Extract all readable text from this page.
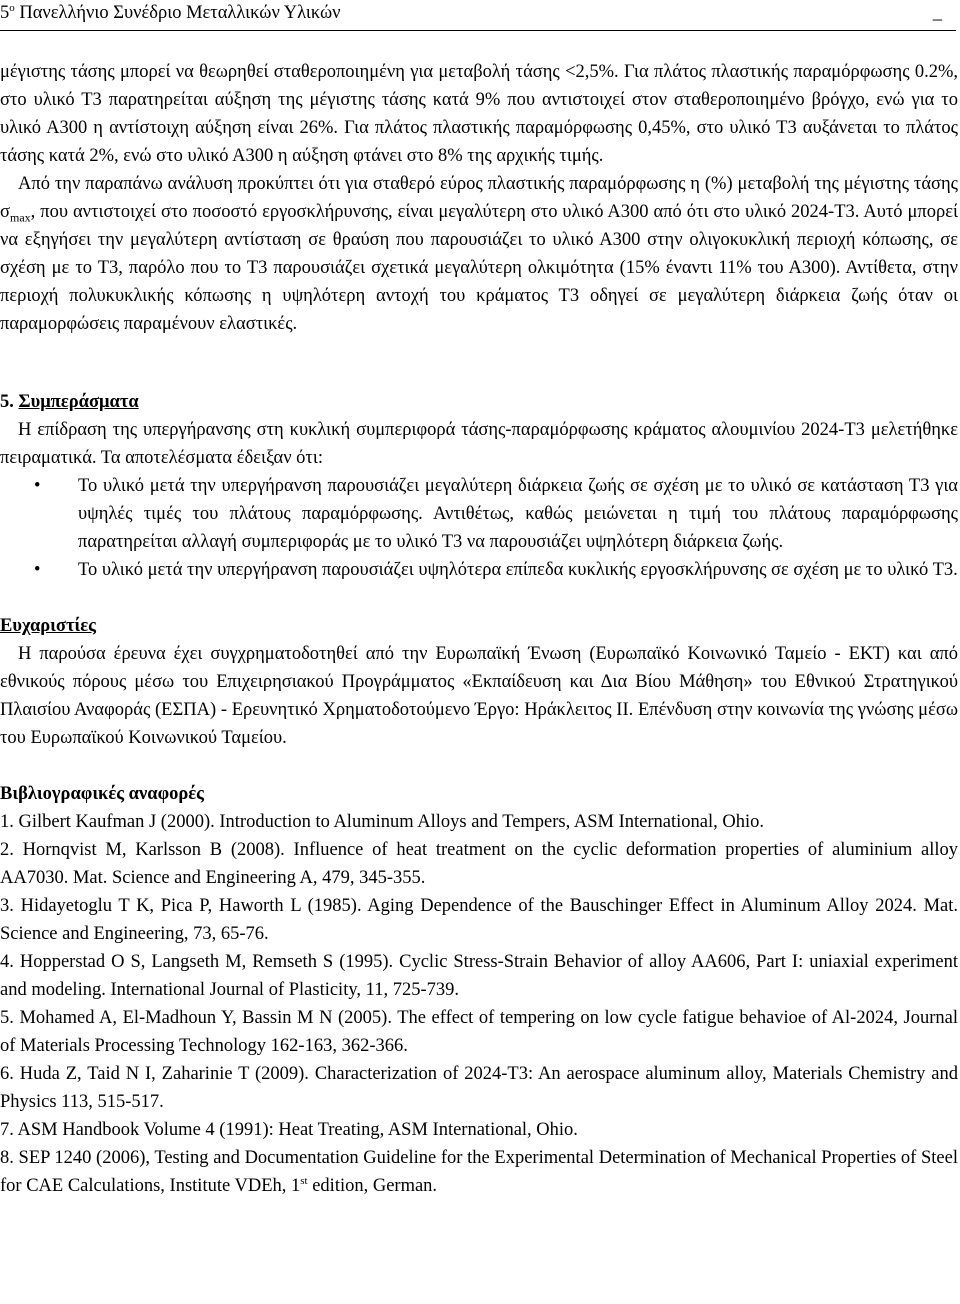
$5^o$ Πανελλήνιο Συνέδριο Μεταλλικών Υλικών	_

μέγιστης τάσης μπορεί να θεωρηθεί σταθεροποιημένη για μεταβολή τάσης <2,5%. Για πλάτος πλαστικής παραμόρφωσης 0.2%, στο υλικό Τ3 παρατηρείται αύξηση της μέγιστης τάσης κατά 9% που αντιστοιχεί στον σταθεροποιημένο βρόγχο, ενώ για το υλικό Α300 η αντίστοιχη αύξηση είναι 26%. Για πλάτος πλαστικής παραμόρφωσης 0,45%, στο υλικό Τ3 αυξάνεται το πλάτος τάσης κατά 2%, ενώ στο υλικό Α300 η αύξηση φτάνει στο 8% της αρχικής τιμής.

Από την παραπάνω ανάλυση προκύπτει ότι για σταθερό εύρος πλαστικής παραμόρφωσης η (%) μεταβολή της μέγιστης τάσης $\sigma_{max}$, που αντιστοιχεί στο ποσοστό εργοσκλήρυνσης, είναι μεγαλύτερη στο υλικό Α300 από ότι στο υλικό 2024-Τ3. Αυτό μπορεί να εξηγήσει την μεγαλύτερη αντίσταση σε θραύση που παρουσιάζει το υλικό Α300 στην ολιγοκυκλική περιοχή κόπωσης, σε σχέση με το Τ3, παρόλο που το Τ3 παρουσιάζει σχετικά μεγαλύτερη ολκιμότητα (15% έναντι 11% του Α300). Αντίθετα, στην περιοχή πολυκυκλικής κόπωσης η υψηλότερη αντοχή του κράματος Τ3 οδηγεί σε μεγαλύτερη διάρκεια ζωής όταν οι παραμορφώσεις παραμένουν ελαστικές.

5. Συμπεράσματα

Η επίδραση της υπεργήρανσης στη κυκλική συμπεριφορά τάσης-παραμόρφωσης κράματος αλουμινίου 2024-Τ3 μελετήθηκε πειραματικά. Τα αποτελέσματα έδειξαν ότι:

• Το υλικό μετά την υπεργήρανση παρουσιάζει μεγαλύτερη διάρκεια ζωής σε σχέση με το υλικό σε κατάσταση Τ3 για υψηλές τιμές του πλάτους παραμόρφωσης. Αντιθέτως, καθώς μειώνεται η τιμή του πλάτους παραμόρφωσης παρατηρείται αλλαγή συμπεριφοράς με το υλικό Τ3 να παρουσιάζει υψηλότερη διάρκεια ζωής.
• Το υλικό μετά την υπεργήρανση παρουσιάζει υψηλότερα επίπεδα κυκλικής εργοσκλήρυνσης σε σχέση με το υλικό Τ3.
Ευχαριστίες

Η παρούσα έρευνα έχει συγχρηματοδοτηθεί από την Ευρωπαϊκή Ένωση (Ευρωπαϊκό Κοινωνικό Ταμείο - ΕΚΤ) και από εθνικούς πόρους μέσω του Επιχειρησιακού Προγράμματος «Εκπαίδευση και Δια Βίου Μάθηση» του Εθνικού Στρατηγικού Πλαισίου Αναφοράς (ΕΣΠΑ) - Ερευνητικό Χρηματοδοτούμενο Έργο: Ηράκλειτος ΙΙ. Επένδυση στην κοινωνία της γνώσης μέσω του Ευρωπαϊκού Κοινωνικού Ταμείου.

Βιβλιογραφικές αναφορές

1. Gilbert Kaufman J (2000). Introduction to Aluminum Alloys and Tempers, ASM International, Ohio.

2. Hornqvist M, Karlsson B (2008). Influence of heat treatment on the cyclic deformation properties of aluminium alloy AA7030. Mat. Science and Engineering A, 479, 345-355.

3. Hidayetoglu T K, Pica P, Haworth L (1985). Aging Dependence of the Bauschinger Effect in Aluminum Alloy 2024. Mat. Science and Engineering, 73, 65-76.

4. Hopperstad O S, Langseth M, Remseth S (1995). Cyclic Stress-Strain Behavior of alloy AA606, Part I: uniaxial experiment and modeling. International Journal of Plasticity, 11, 725-739.

5. Mohamed A, El-Madhoun Y, Bassin M N (2005). The effect of tempering on low cycle fatigue behavioe of Al-2024, Journal of Materials Processing Technology 162-163, 362-366.

6. Huda Z, Taid N I, Zaharinie T (2009). Characterization of 2024-T3: An aerospace aluminum alloy, Materials Chemistry and Physics 113, 515-517.

7. ASM Handbook Volume 4 (1991): Heat Treating, ASM International, Ohio.

8. SEP 1240 (2006), Testing and Documentation Guideline for the Experimental Determination of Mechanical Properties of Steel for CAE Calculations, Institute VDEh, 1st edition, German.
